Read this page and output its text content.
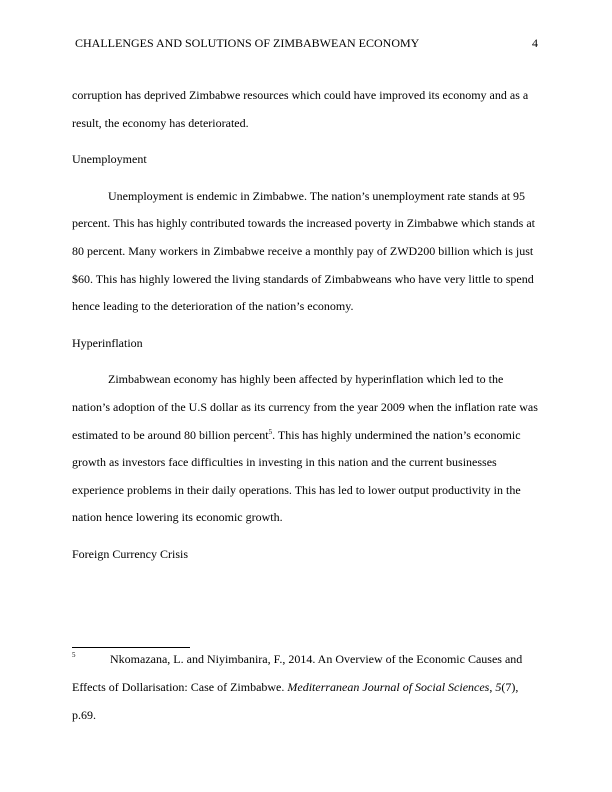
CHALLENGES AND SOLUTIONS OF ZIMBABWEAN ECONOMY	4

corruption has deprived Zimbabwe resources which could have improved its economy and as a result, the economy has deteriorated.

Unemployment

Unemployment is endemic in Zimbabwe. The nation’s unemployment rate stands at 95 percent. This has highly contributed towards the increased poverty in Zimbabwe which stands at 80 percent. Many workers in Zimbabwe receive a monthly pay of ZWD200 billion which is just $60. This has highly lowered the living standards of Zimbabweans who have very little to spend hence leading to the deterioration of the nation’s economy.

Hyperinflation

Zimbabwean economy has highly been affected by hyperinflation which led to the nation’s adoption of the U.S dollar as its currency from the year 2009 when the inflation rate was estimated to be around 80 billion percent$^5$. This has highly undermined the nation’s economic growth as investors face difficulties in investing in this nation and the current businesses experience problems in their daily operations. This has led to lower output productivity in the nation hence lowering its economic growth.

Foreign Currency Crisis

5	Nkomazana, L. and Niyimbanira, F., 2014. An Overview of the Economic Causes and Effects of Dollarisation: Case of Zimbabwe. Mediterranean Journal of Social Sciences, 5(7), p.69.
